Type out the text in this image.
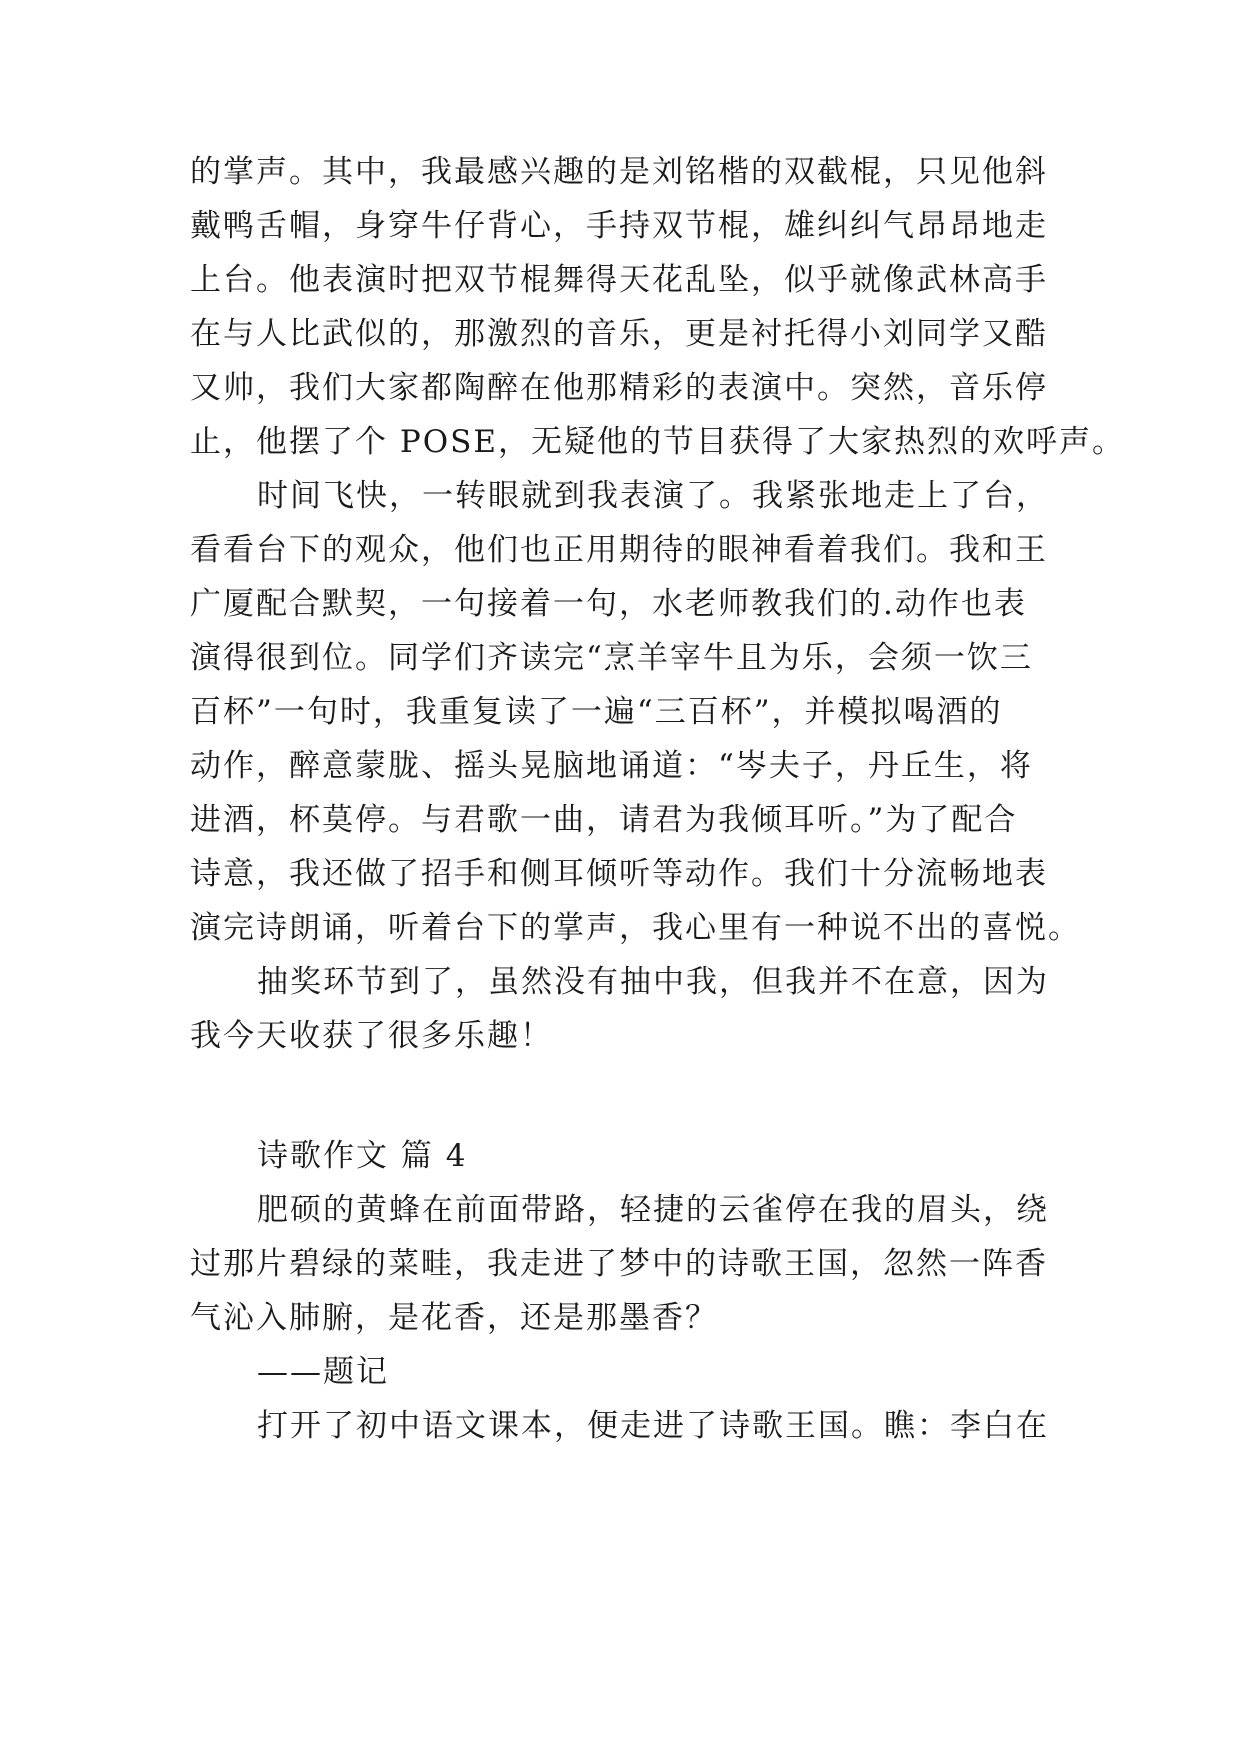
的掌声。其中，我最感兴趣的是刘铭楷的双截棍，只见他斜
戴鸭舌帽，身穿牛仔背心，手持双节棍，雄纠纠气昂昂地走
上台。他表演时把双节棍舞得天花乱坠，似乎就像武林高手
在与人比武似的，那激烈的音乐，更是衬托得小刘同学又酷
又帅，我们大家都陶醉在他那精彩的表演中。突然，音乐停
止，他摆了个 POSE，无疑他的节目获得了大家热烈的欢呼声。
时间飞快，一转眼就到我表演了。我紧张地走上了台，
看看台下的观众，他们也正用期待的眼神看着我们。我和王
广厦配合默契，一句接着一句，水老师教我们的.动作也表
演得很到位。同学们齐读完“烹羊宰牛且为乐，会须一饮三
百杯”一句时，我重复读了一遍“三百杯”，并模拟喝酒的
动作，醉意蒙胧、摇头晃脑地诵道：“岑夫子，丹丘生，将
进酒，杯莫停。与君歌一曲，请君为我倾耳听。”为了配合
诗意，我还做了招手和侧耳倾听等动作。我们十分流畅地表
演完诗朗诵，听着台下的掌声，我心里有一种说不出的喜悦。
抽奖环节到了，虽然没有抽中我，但我并不在意，因为
我今天收获了很多乐趣！
诗歌作文 篇 4
肥硕的黄蜂在前面带路，轻捷的云雀停在我的眉头，绕
过那片碧绿的菜畦，我走进了梦中的诗歌王国，忽然一阵香
气沁入肺腑，是花香，还是那墨香？
——题记
打开了初中语文课本，便走进了诗歌王国。瞧：李白在
